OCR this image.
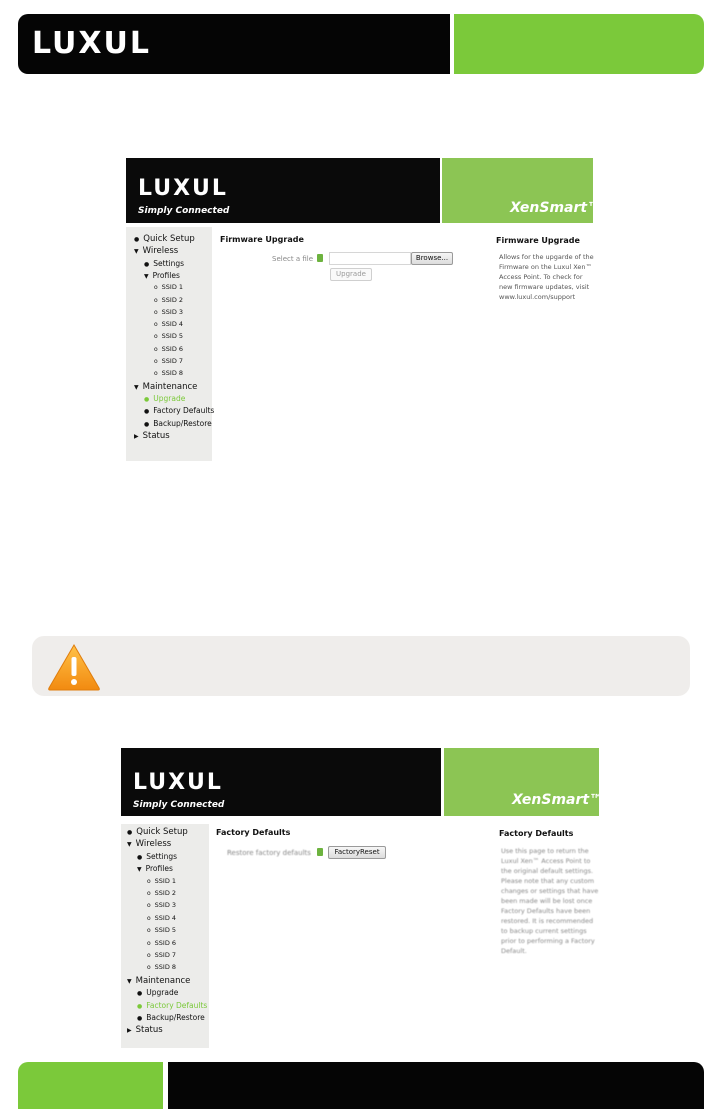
LUXUL
LUXUL
Simply Connected	XenSmart™
● Quick Setup
▼ Wireless
● Settings
▼ Profiles
o SSID 1
o SSID 2
o SSID 3
o SSID 4
o SSID 5
o SSID 6
o SSID 7
o SSID 8
▼ Maintenance
● Upgrade
● Factory Defaults
● Backup/Restore
▶ Status
Firmware Upgrade
Select a file	Browse...
Upgrade
Firmware Upgrade
Allows for the upgarde of the
Firmware on the Luxul Xen™
Access Point. To check for
new firmware updates, visit
www.luxul.com/support
LUXUL
Simply Connected	XenSmart™
● Quick Setup
▼ Wireless
● Settings
▼ Profiles
o SSID 1
o SSID 2
o SSID 3
o SSID 4
o SSID 5
o SSID 6
o SSID 7
o SSID 8
▼ Maintenance
● Upgrade
● Factory Defaults
● Backup/Restore
▶ Status
Factory Defaults
Restore factory defaults	FactoryReset
Factory Defaults
Use this page to return the
Luxul Xen™ Access Point to
the original default settings.
Please note that any custom
changes or settings that have
been made will be lost once
Factory Defaults have been
restored. It is recommended
to backup current settings
prior to performing a Factory
Default.
